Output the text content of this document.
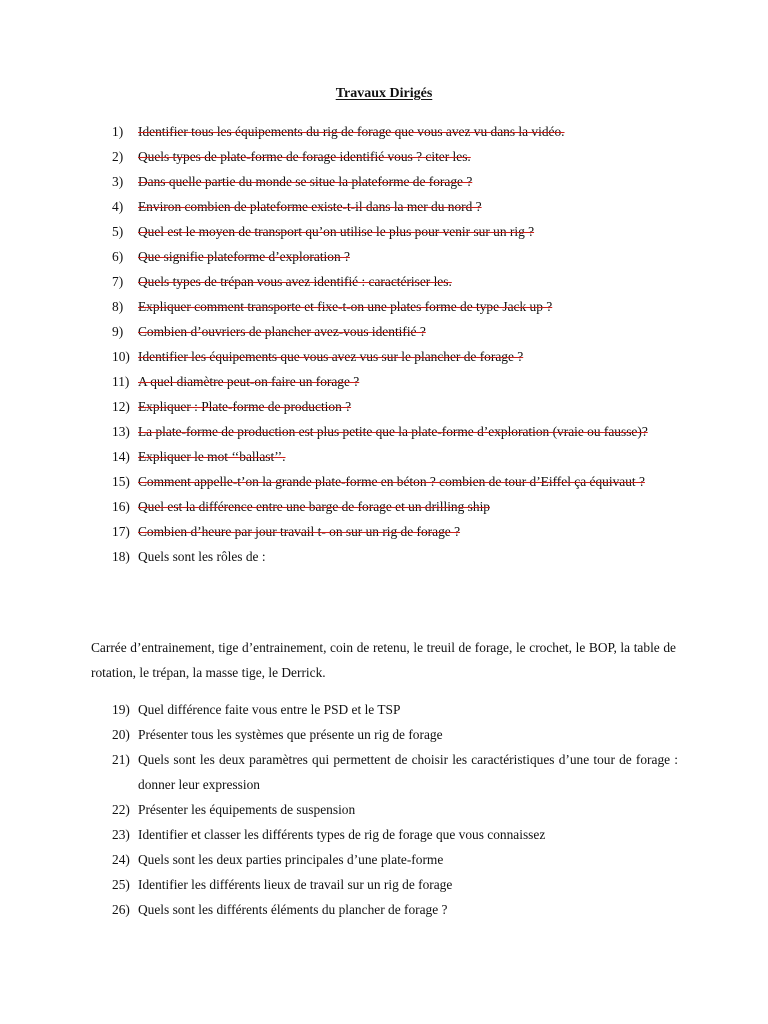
Travaux Dirigés
1)	Identifier tous les équipements du rig de forage que vous avez vu dans la vidéo.
2)	Quels types de plate-forme de forage identifié vous ? citer les.
3)	Dans quelle partie du monde se situe la plateforme de forage ?
4)	Environ combien de plateforme existe-t-il dans la mer du nord ?
5)	Quel est le moyen de transport qu’on utilise le plus pour venir sur un rig ?
6)	Que signifie plateforme d’exploration ?
7)	Quels types de trépan vous avez identifié : caractériser les.
8)	Expliquer comment transporte et fixe-t-on une plates forme de type Jack up ?
9)	Combien d’ouvriers de plancher avez-vous identifié ?
10) Identifier les équipements que vous avez vus sur le plancher de forage ?
11) A quel diamètre peut-on faire un forage ?
12) Expliquer : Plate-forme de production ?
13) La plate-forme de production est plus petite que la plate-forme d’exploration (vraie ou fausse)?
14) Expliquer le mot ‘‘ballast’’.
15) Comment appelle-t’on la grande plate-forme en béton ? combien de tour d’Eiffel ça équivaut ?
16) Quel est la différence entre une barge de forage et un drilling ship
17) Combien d’heure par jour travail t- on sur un rig de forage ?
18) Quels sont les rôles de :

Carrée d’entrainement, tige d’entrainement, coin de retenu, le treuil de forage, le crochet, le BOP, la table de rotation, le trépan, la masse tige, le Derrick.

19) Quel différence faite vous entre le PSD et le TSP
20) Présenter tous les systèmes que présente un rig de forage
21) Quels sont les deux paramètres qui permettent de choisir les caractéristiques d’une tour de forage : donner leur expression
22) Présenter les équipements de suspension
23) Identifier et classer les différents types de rig de forage que vous connaissez
24) Quels sont les deux parties principales d’une plate-forme
25) Identifier les différents lieux de travail sur un rig de forage
26) Quels sont les différents éléments du plancher de forage ?
